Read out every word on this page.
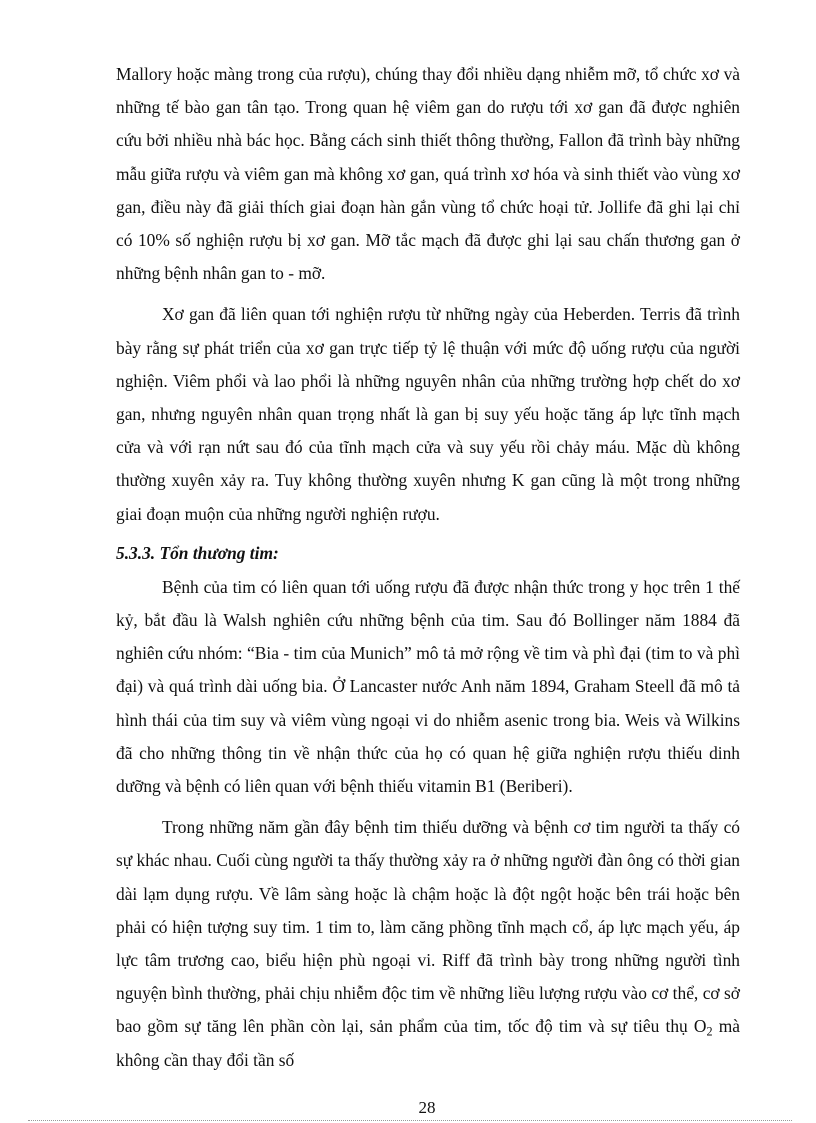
Mallory hoặc màng trong của rượu), chúng thay đổi nhiều dạng nhiễm mỡ, tổ chức xơ và những tế bào gan tân tạo. Trong quan hệ viêm gan do rượu tới xơ gan đã được nghiên cứu bởi nhiều nhà bác học. Bằng cách sinh thiết thông thường, Fallon đã trình bày những mẫu giữa rượu và viêm gan mà không xơ gan, quá trình xơ hóa và sinh thiết vào vùng xơ gan, điều này đã giải thích giai đoạn hàn gắn vùng tổ chức hoại tử. Jollife đã ghi lại chỉ có 10% số nghiện rượu bị xơ gan. Mỡ tắc mạch đã được ghi lại sau chấn thương gan ở những bệnh nhân gan to - mỡ.

Xơ gan đã liên quan tới nghiện rượu từ những ngày của Heberden. Terris đã trình bày rằng sự phát triển của xơ gan trực tiếp tỷ lệ thuận với mức độ uống rượu của người nghiện. Viêm phổi và lao phổi là những nguyên nhân của những trường hợp chết do xơ gan, nhưng nguyên nhân quan trọng nhất là gan bị suy yếu hoặc tăng áp lực tĩnh mạch cửa và với rạn nứt sau đó của tĩnh mạch cửa và suy yếu rồi chảy máu. Mặc dù không thường xuyên xảy ra. Tuy không thường xuyên nhưng K gan cũng là một trong những giai đoạn muộn của những người nghiện rượu.

5.3.3. Tổn thương tim:

Bệnh của tim có liên quan tới uống rượu đã được nhận thức trong y học trên 1 thế kỷ, bắt đầu là Walsh nghiên cứu những bệnh của tim. Sau đó Bollinger năm 1884 đã nghiên cứu nhóm: “Bia - tim của Munich” mô tả mở rộng về tim và phì đại (tim to và phì đại) và quá trình dài uống bia. Ở Lancaster nước Anh năm 1894, Graham Steell đã mô tả hình thái của tim suy và viêm vùng ngoại vi do nhiễm asenic trong bia. Weis và Wilkins đã cho những thông tin về nhận thức của họ có quan hệ giữa nghiện rượu thiếu dinh dưỡng và bệnh có liên quan với bệnh thiếu vitamin B1 (Beriberi).

Trong những năm gần đây bệnh tim thiếu dưỡng và bệnh cơ tim người ta thấy có sự khác nhau. Cuối cùng người ta thấy thường xảy ra ở những người đàn ông có thời gian dài lạm dụng rượu. Về lâm sàng hoặc là chậm hoặc là đột ngột hoặc bên trái hoặc bên phải có hiện tượng suy tim. 1 tim to, làm căng phồng tĩnh mạch cổ, áp lực mạch yếu, áp lực tâm trương cao, biểu hiện phù ngoại vi. Riff đã trình bày trong những người tình nguyện bình thường, phải chịu nhiễm độc tim về những liều lượng rượu vào cơ thể, cơ sở bao gồm sự tăng lên phần còn lại, sản phẩm của tim, tốc độ tim và sự tiêu thụ $O_2$ mà không cần thay đổi tần số

28
